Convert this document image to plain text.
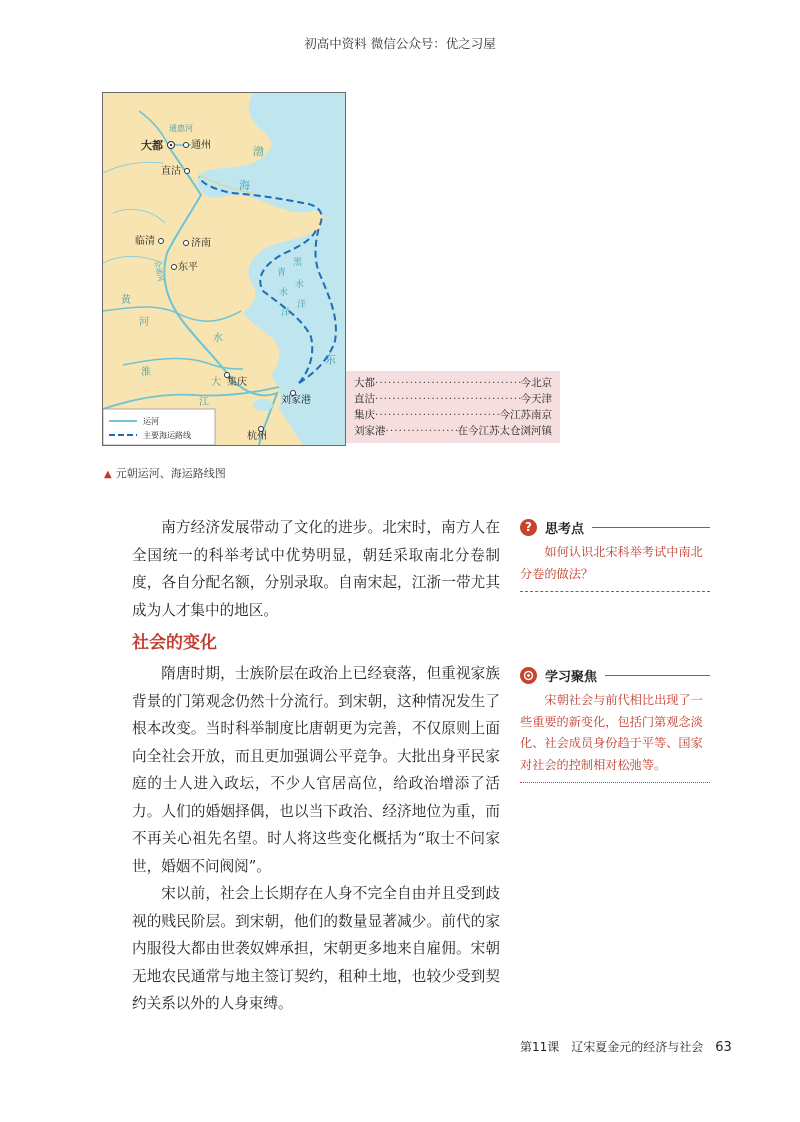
初高中资料 微信公众号：优之习屋
通惠河
大都	通州
直沽
临清	济南
东平
集庆
刘家港
杭州
渤
海
会通河	青
黑
水
水
洋
洋
黄
河
淮
水
东
大
江
运河
主要海运路线
大都 ·····	今北京
直沽 ·····	今天津
集庆 ·····	今江苏南京
刘家港 ·····	在今江苏太仓浏河镇
▲ 元朝运河、海运路线图

南方经济发展带动了文化的进步。北宋时，南方人在全国统一的科举考试中优势明显，朝廷采取南北分卷制度，各自分配名额，分别录取。自南宋起，江浙一带尤其成为人才集中的地区。

社会的变化

隋唐时期，士族阶层在政治上已经衰落，但重视家族背景的门第观念仍然十分流行。到宋朝，这种情况发生了根本改变。当时科举制度比唐朝更为完善，不仅原则上面向全社会开放，而且更加强调公平竞争。大批出身平民家庭的士人进入政坛，不少人官居高位，给政治增添了活力。人们的婚姻择偶，也以当下政治、经济地位为重，而不再关心祖先名望。时人将这些变化概括为“取士不问家世，婚姻不问阀阅”。

宋以前，社会上长期存在人身不完全自由并且受到歧视的贱民阶层。到宋朝，他们的数量显著减少。前代的家内服役大都由世袭奴婢承担，宋朝更多地来自雇佣。宋朝无地农民通常与地主签订契约，租种土地，也较少受到契约关系以外的人身束缚。

?	思考点
如何认识北宋科举考试中南北分卷的做法？
学习聚焦
宋朝社会与前代相比出现了一些重要的新变化，包括门第观念淡化、社会成员身份趋于平等、国家对社会的控制相对松弛等。
第11课　辽宋夏金元的经济与社会 63
